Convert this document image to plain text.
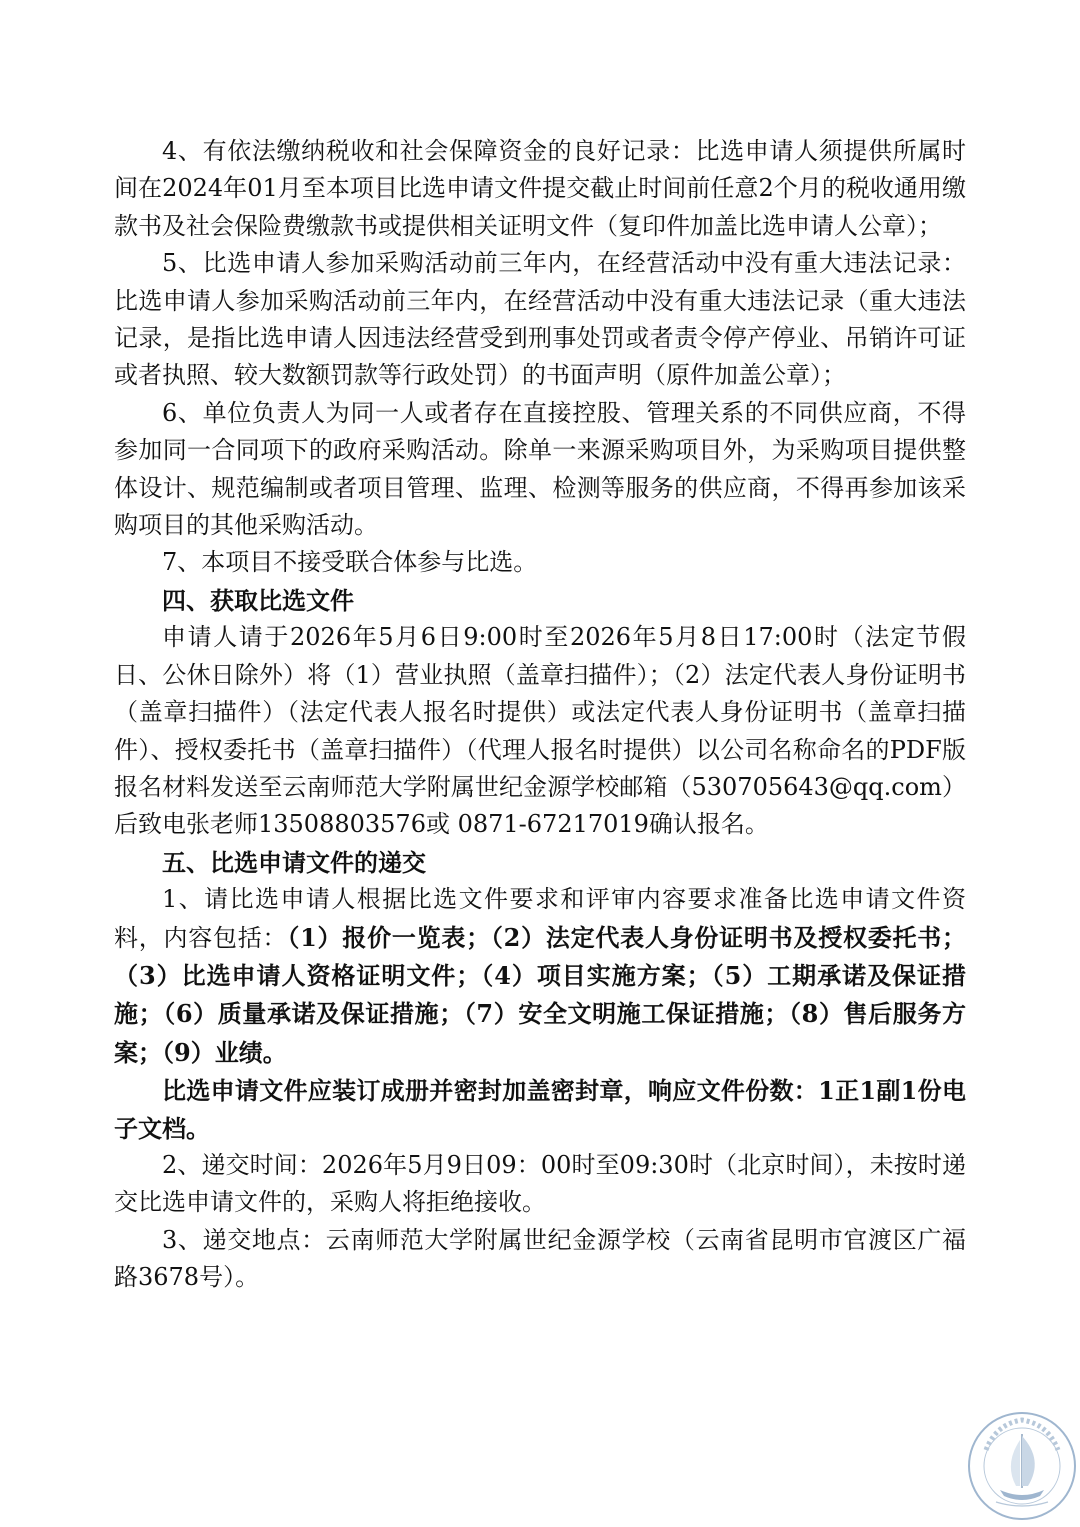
4、有依法缴纳税收和社会保障资金的良好记录：比选申请人须提供所属时间在2024年01月至本项目比选申请文件提交截止时间前任意2个月的税收通用缴款书及社会保险费缴款书或提供相关证明文件（复印件加盖比选申请人公章）；

5、比选申请人参加采购活动前三年内，在经营活动中没有重大违法记录：比选申请人参加采购活动前三年内，在经营活动中没有重大违法记录（重大违法记录，是指比选申请人因违法经营受到刑事处罚或者责令停产停业、吊销许可证或者执照、较大数额罚款等行政处罚）的书面声明（原件加盖公章）；

6、单位负责人为同一人或者存在直接控股、管理关系的不同供应商，不得参加同一合同项下的政府采购活动。除单一来源采购项目外，为采购项目提供整体设计、规范编制或者项目管理、监理、检测等服务的供应商，不得再参加该采购项目的其他采购活动。

7、本项目不接受联合体参与比选。

四、获取比选文件

申请人请于2026年5月6日9:00时至2026年5月8日17:00时（法定节假日、公休日除外）将（1）营业执照（盖章扫描件）；（2）法定代表人身份证明书（盖章扫描件）（法定代表人报名时提供）或法定代表人身份证明书（盖章扫描件）、授权委托书（盖章扫描件）（代理人报名时提供）以公司名称命名的PDF版报名材料发送至云南师范大学附属世纪金源学校邮箱（530705643@qq.com）后致电张老师13508803576或 0871-67217019确认报名。

五、比选申请文件的递交

1、请比选申请人根据比选文件要求和评审内容要求准备比选申请文件资料，内容包括：（1）报价一览表；（2）法定代表人身份证明书及授权委托书；（3）比选申请人资格证明文件；（4）项目实施方案；（5）工期承诺及保证措施；（6）质量承诺及保证措施；（7）安全文明施工保证措施；（8）售后服务方案；（9）业绩。

比选申请文件应装订成册并密封加盖密封章，响应文件份数：1正1副1份电子文档。

2、递交时间：2026年5月9日09：00时至09:30时（北京时间），未按时递交比选申请文件的，采购人将拒绝接收。

3、递交地点：云南师范大学附属世纪金源学校（云南省昆明市官渡区广福路3678号）。
